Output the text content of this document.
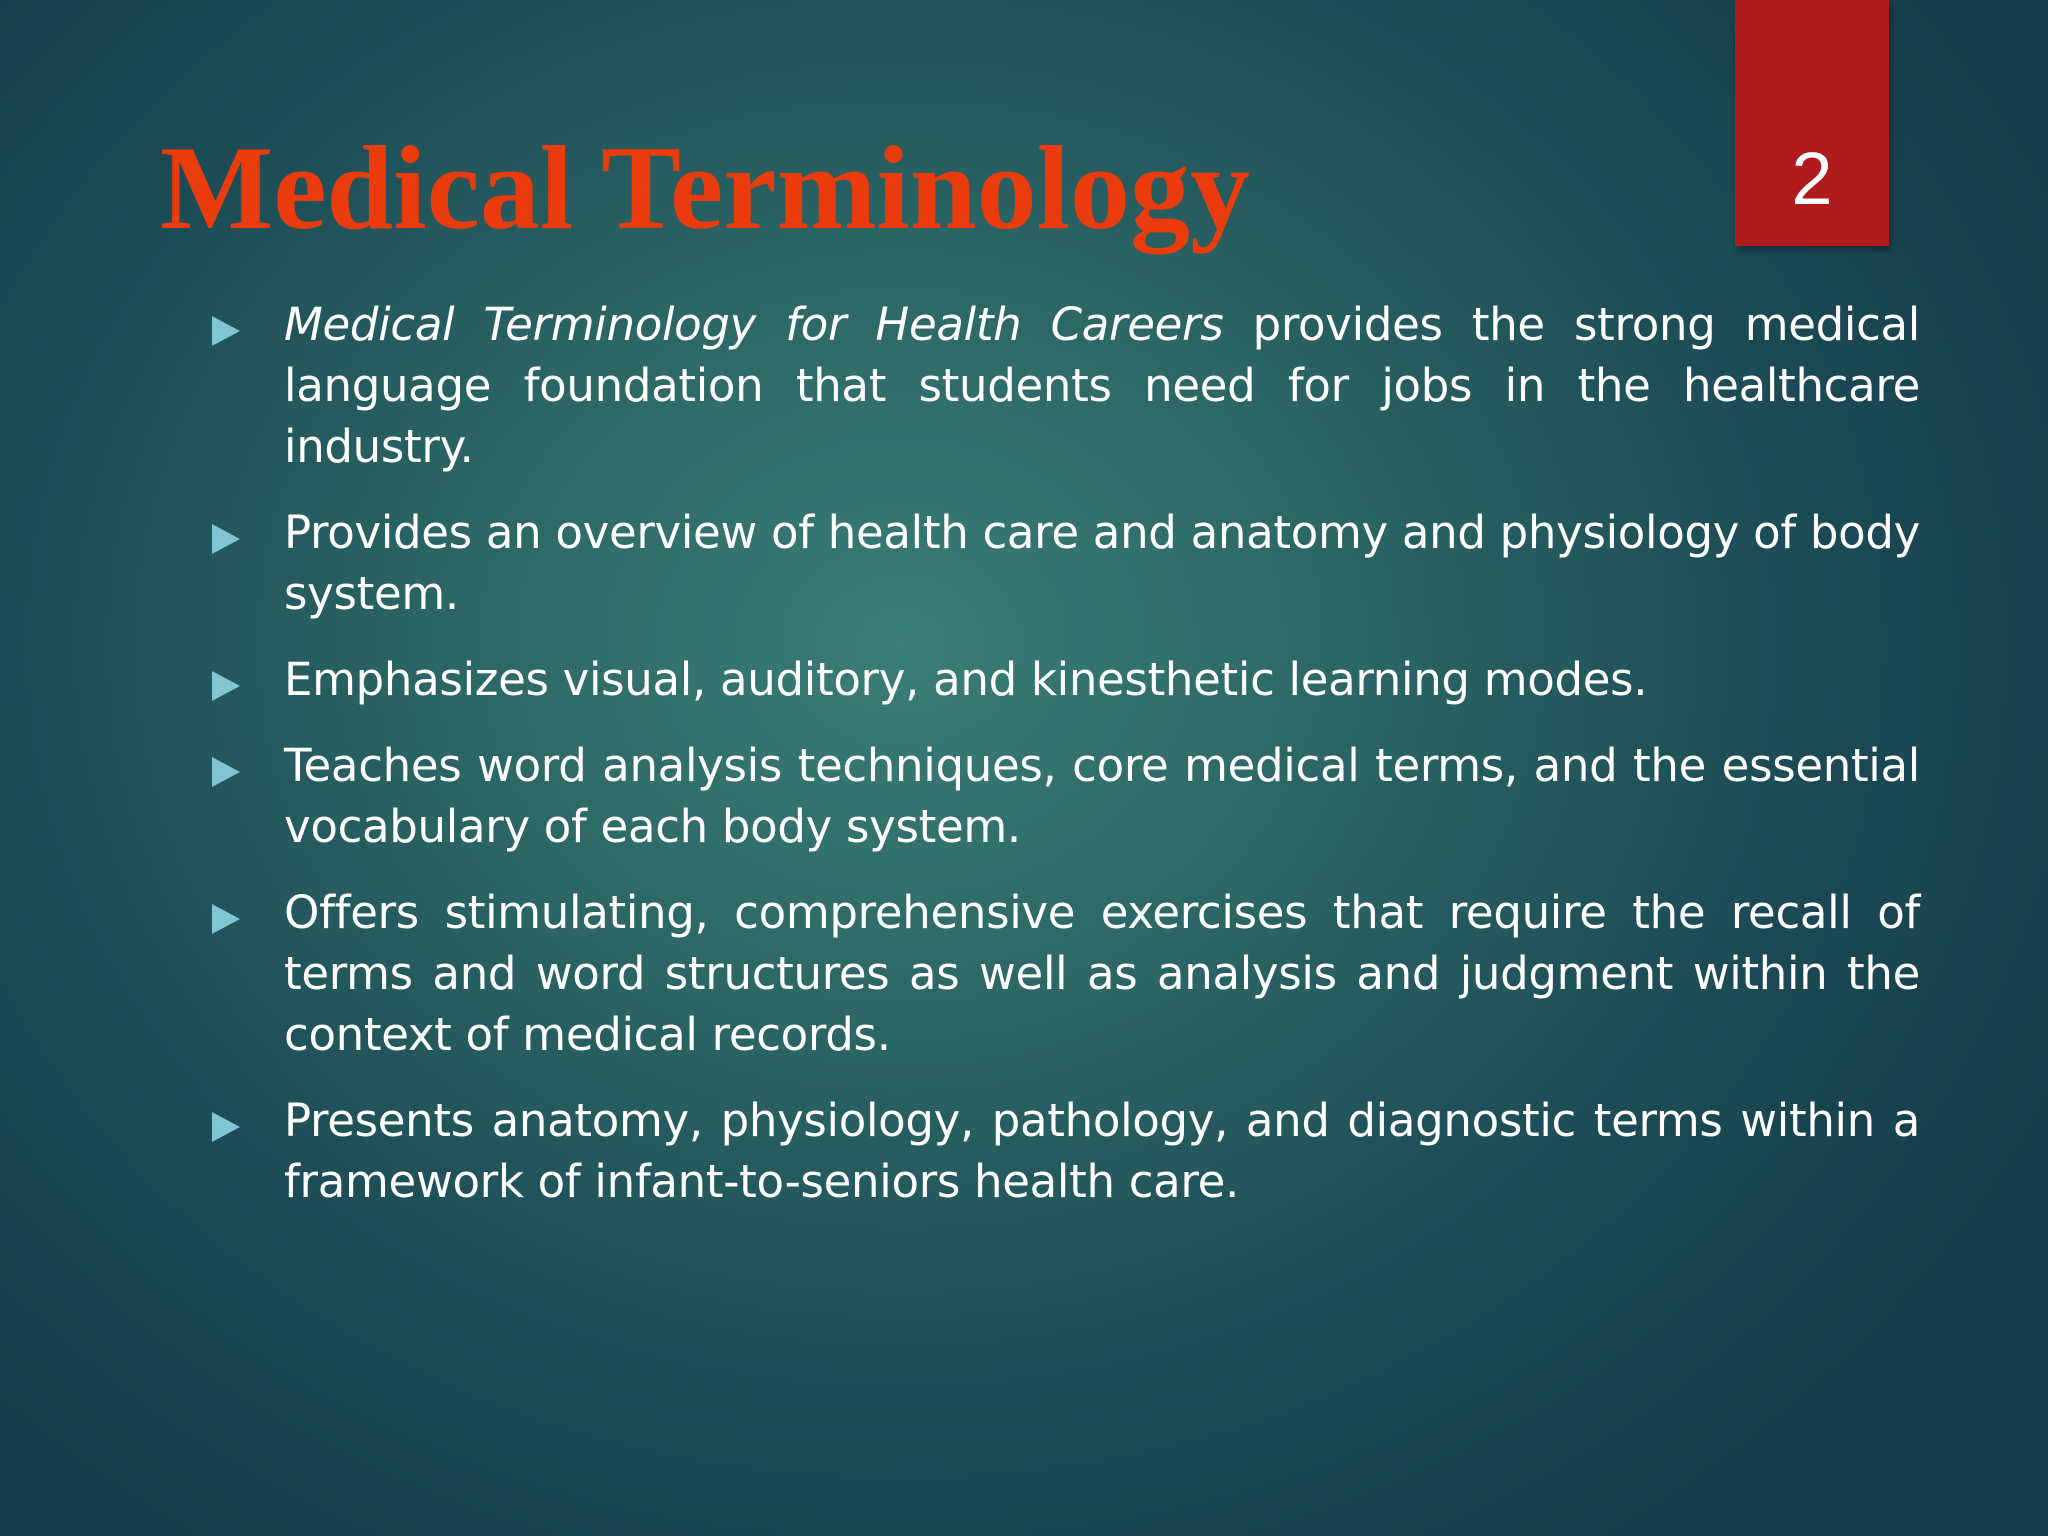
2
Medical Terminology
Medical Terminology for Health Careers provides the strong medical language foundation that students need for jobs in the healthcare industry.
Provides an overview of health care and anatomy and physiology of body system.
Emphasizes visual, auditory, and kinesthetic learning modes.
Teaches word analysis techniques, core medical terms, and the essential vocabulary of each body system.
Offers stimulating, comprehensive exercises that require the recall of terms and word structures as well as analysis and judgment within the context of medical records.
Presents anatomy, physiology, pathology, and diagnostic terms within a framework of infant-to-seniors health care.
